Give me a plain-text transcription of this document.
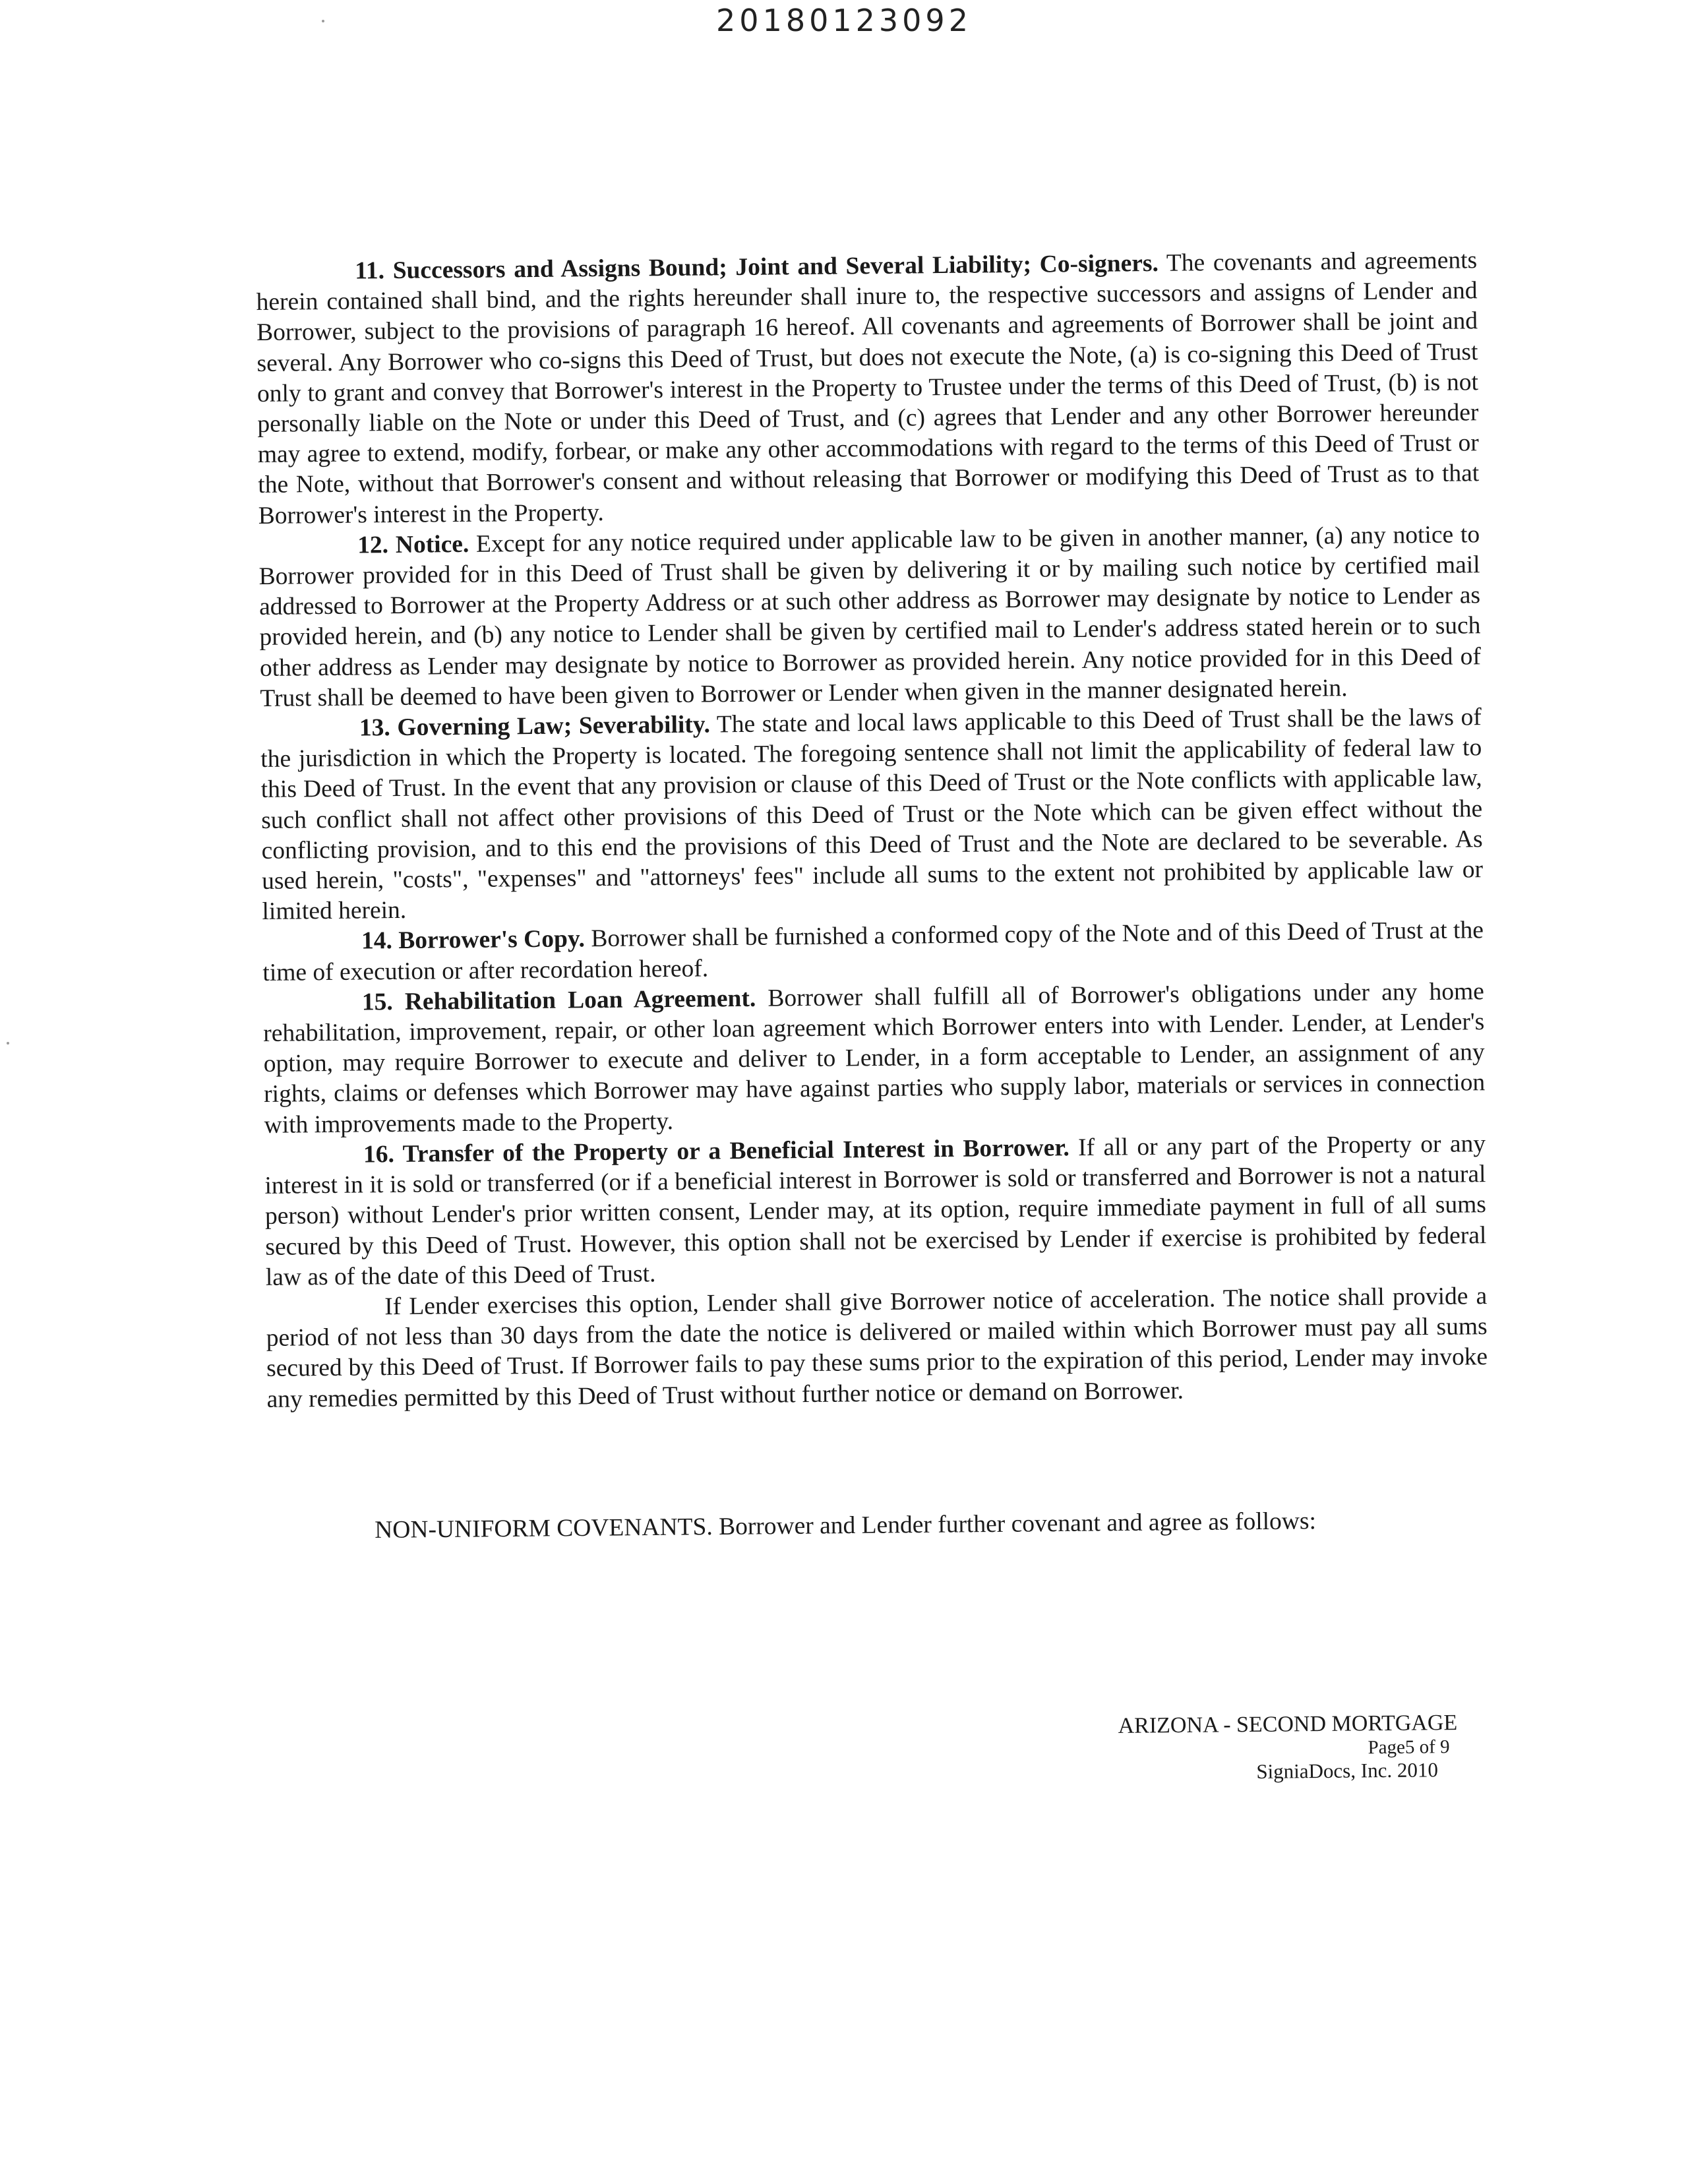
20180123092

11. Successors and Assigns Bound; Joint and Several Liability; Co-signers. The covenants and agreements herein contained shall bind, and the rights hereunder shall inure to, the respective successors and assigns of Lender and Borrower, subject to the provisions of paragraph 16 hereof. All covenants and agreements of Borrower shall be joint and several. Any Borrower who co-signs this Deed of Trust, but does not execute the Note, (a) is co-signing this Deed of Trust only to grant and convey that Borrower's interest in the Property to Trustee under the terms of this Deed of Trust, (b) is not personally liable on the Note or under this Deed of Trust, and (c) agrees that Lender and any other Borrower hereunder may agree to extend, modify, forbear, or make any other accommodations with regard to the terms of this Deed of Trust or the Note, without that Borrower's consent and without releasing that Borrower or modifying this Deed of Trust as to that Borrower's interest in the Property.

12. Notice. Except for any notice required under applicable law to be given in another manner, (a) any notice to Borrower provided for in this Deed of Trust shall be given by delivering it or by mailing such notice by certified mail addressed to Borrower at the Property Address or at such other address as Borrower may designate by notice to Lender as provided herein, and (b) any notice to Lender shall be given by certified mail to Lender's address stated herein or to such other address as Lender may designate by notice to Borrower as provided herein. Any notice provided for in this Deed of Trust shall be deemed to have been given to Borrower or Lender when given in the manner designated herein.

13. Governing Law; Severability. The state and local laws applicable to this Deed of Trust shall be the laws of the jurisdiction in which the Property is located. The foregoing sentence shall not limit the applicability of federal law to this Deed of Trust. In the event that any provision or clause of this Deed of Trust or the Note conflicts with applicable law, such conflict shall not affect other provisions of this Deed of Trust or the Note which can be given effect without the conflicting provision, and to this end the provisions of this Deed of Trust and the Note are declared to be severable. As used herein, "costs", "expenses" and "attorneys' fees" include all sums to the extent not prohibited by applicable law or limited herein.

14. Borrower's Copy. Borrower shall be furnished a conformed copy of the Note and of this Deed of Trust at the time of execution or after recordation hereof.

15. Rehabilitation Loan Agreement. Borrower shall fulfill all of Borrower's obligations under any home rehabilitation, improvement, repair, or other loan agreement which Borrower enters into with Lender. Lender, at Lender's option, may require Borrower to execute and deliver to Lender, in a form acceptable to Lender, an assignment of any rights, claims or defenses which Borrower may have against parties who supply labor, materials or services in connection with improvements made to the Property.

16. Transfer of the Property or a Beneficial Interest in Borrower. If all or any part of the Property or any interest in it is sold or transferred (or if a beneficial interest in Borrower is sold or transferred and Borrower is not a natural person) without Lender's prior written consent, Lender may, at its option, require immediate payment in full of all sums secured by this Deed of Trust. However, this option shall not be exercised by Lender if exercise is prohibited by federal law as of the date of this Deed of Trust.

If Lender exercises this option, Lender shall give Borrower notice of acceleration. The notice shall provide a period of not less than 30 days from the date the notice is delivered or mailed within which Borrower must pay all sums secured by this Deed of Trust. If Borrower fails to pay these sums prior to the expiration of this period, Lender may invoke any remedies permitted by this Deed of Trust without further notice or demand on Borrower.

NON-UNIFORM COVENANTS. Borrower and Lender further covenant and agree as follows:
ARIZONA - SECOND MORTGAGE
Page5 of 9
SigniaDocs, Inc. 2010
